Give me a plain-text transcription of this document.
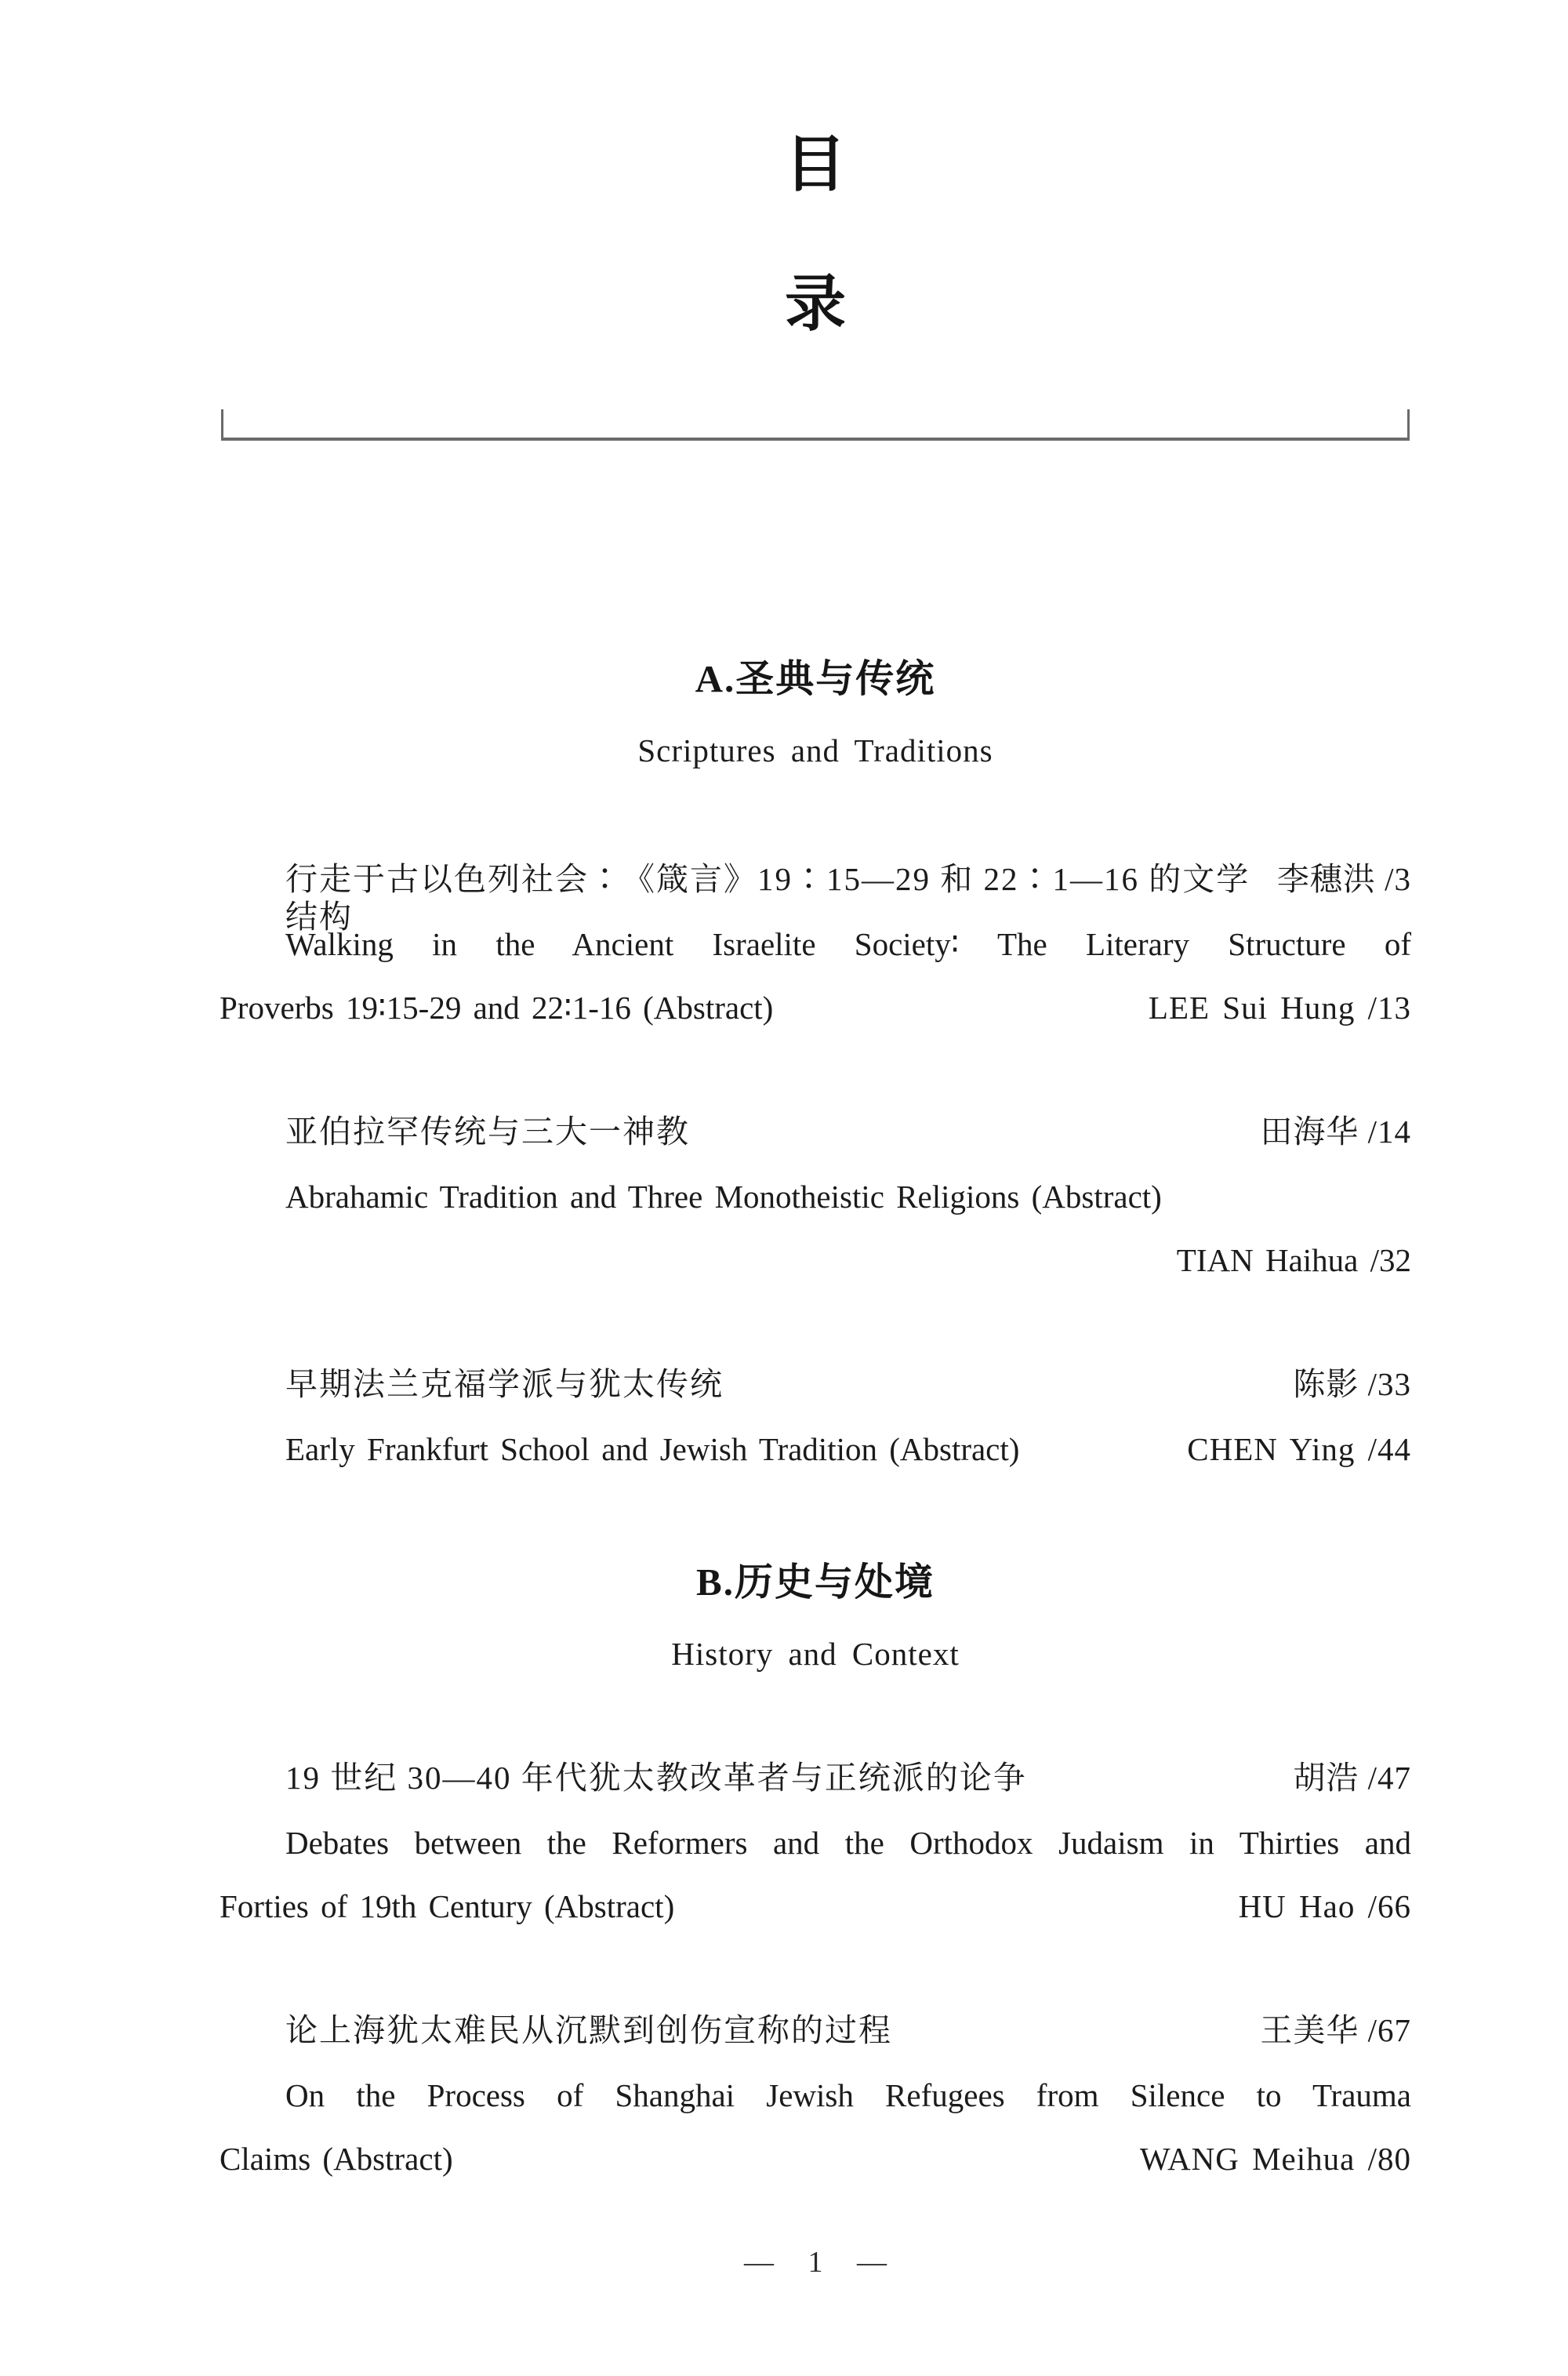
目
录
A.圣典与传统
Scriptures and Traditions
行走于古以色列社会∶《箴言》19∶15—29 和 22∶1—16 的文学结构
李穗洪 /3
Walking in the Ancient Israelite Society∶ The Literary Structure of
Proverbs 19∶15-29 and 22∶1-16 (Abstract)	LEE Sui Hung /13
亚伯拉罕传统与三大一神教	田海华 /14
Abrahamic Tradition and Three Monotheistic Religions (Abstract)
TIAN Haihua /32
早期法兰克福学派与犹太传统	陈影 /33
Early Frankfurt School and Jewish Tradition (Abstract)	CHEN Ying /44
B.历史与处境
History and Context
19 世纪 30—40 年代犹太教改革者与正统派的论争	胡浩 /47
Debates between the Reformers and the Orthodox Judaism in Thirties and
Forties of 19th Century (Abstract)	HU Hao /66
论上海犹太难民从沉默到创伤宣称的过程	王美华 /67
On the Process of Shanghai Jewish Refugees from Silence to Trauma
Claims (Abstract)	WANG Meihua /80
— 1 —
